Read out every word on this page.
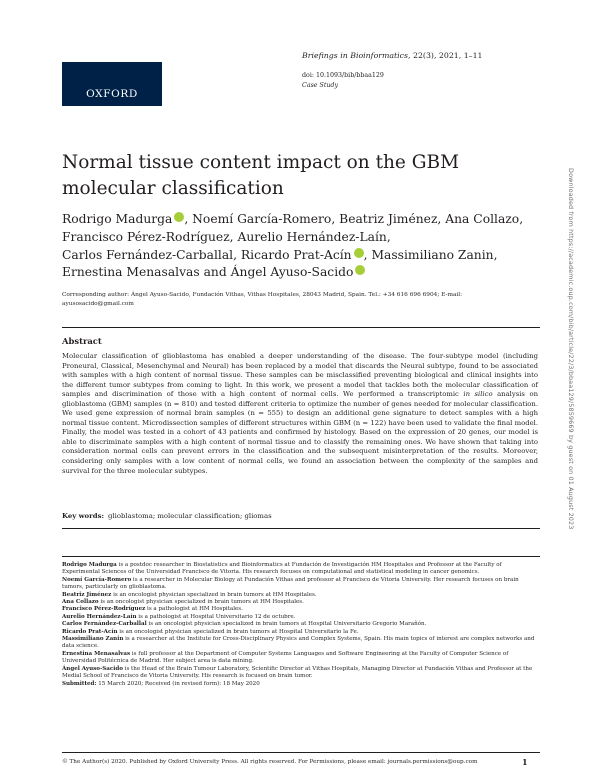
OXFORD
Briefings in Bioinformatics, 22(3), 2021, 1–11
doi: 10.1093/bib/bbaa129
Case Study
Normal tissue content impact on the GBM molecular classification
Rodrigo Madurga , Noemí García-Romero, Beatriz Jiménez, Ana Collazo,
Francisco Pérez-Rodríguez, Aurelio Hernández-Laín,
Carlos Fernández-Carballal, Ricardo Prat-Acín , Massimiliano Zanin,
Ernestina Menasalvas and Ángel Ayuso-Sacido
Corresponding author: Ángel Ayuso-Sacido, Fundación Vithas, Vithas Hospitales, 28043 Madrid, Spain. Tel.: +34 616 696 6904; E-mail: ayusosacido@gmail.com
Abstract

Molecular classification of glioblastoma has enabled a deeper understanding of the disease. The four-subtype model (including Proneural, Classical, Mesenchymal and Neural) has been replaced by a model that discards the Neural subtype, found to be associated with samples with a high content of normal tissue. These samples can be misclassified preventing biological and clinical insights into the different tumor subtypes from coming to light. In this work, we present a model that tackles both the molecular classification of samples and discrimination of those with a high content of normal cells. We performed a transcriptomic in silico analysis on glioblastoma (GBM) samples (n = 810) and tested different criteria to optimize the number of genes needed for molecular classification. We used gene expression of normal brain samples (n = 555) to design an additional gene signature to detect samples with a high normal tissue content. Microdissection samples of different structures within GBM (n = 122) have been used to validate the final model. Finally, the model was tested in a cohort of 43 patients and confirmed by histology. Based on the expression of 20 genes, our model is able to discriminate samples with a high content of normal tissue and to classify the remaining ones. We have shown that taking into consideration normal cells can prevent errors in the classification and the subsequent misinterpretation of the results. Moreover, considering only samples with a low content of normal cells, we found an association between the complexity of the samples and survival for the three molecular subtypes.

Key words: glioblastoma; molecular classification; gliomas

Rodrigo Madurga is a postdoc researcher in Biostatistics and Bioinformatics at Fundación de Investigación HM Hospitales and Professor at the Faculty of Experimental Sciences of the Universidad Francisco de Vitoria. His research focuses on computational and statistical modeling in cancer genomics.

Noemí García-Romero is a researcher in Molecular Biology at Fundación Vithas and professor at Francisco de Vitoria University. Her research focuses on brain tumors, particularly on glioblastoma.

Beatriz Jiménez is an oncologist physician specialized in brain tumors at HM Hospitales.

Ana Collazo is an oncologist physician specialized in brain tumors at HM Hospitales.

Francisco Pérez-Rodríguez is a pathologist at HM Hospitales.

Aurelio Hernández-Laín is a pathologist at Hospital Universitario 12 de octubre.

Carlos Fernández-Carballal is an oncologist physician specialized in brain tumors at Hospital Universitario Gregorio Marañón.

Ricardo Prat-Acín is an oncologist physician specialized in brain tumors at Hospital Universitario la Fe.

Massimiliano Zanin is a researcher at the Institute for Cross-Disciplinary Physics and Complex Systems, Spain. His main topics of interest are complex networks and data science.

Ernestina Menasalvas is full professor at the Department of Computer Systems Languages and Software Engineering at the Faculty of Computer Science of Universidad Politécnica de Madrid. Her subject area is data mining.

Ángel Ayuso-Sacido is the Head of the Brain Tumour Laboratory, Scientific Director at Vithas Hospitals, Managing Director at Fundación Vithas and Professor at the Medial School of Francisco de Vitoria University. His research is focused on brain tumor.

Submitted: 15 March 2020; Received (in revised form): 18 May 2020

© The Author(s) 2020. Published by Oxford University Press. All rights reserved. For Permissions, please email: journals.permissions@oup.com	1
Downloaded from https://academic.oup.com/bib/article/22/3/bbaa129/5859669 by guest on 01 August 2023
